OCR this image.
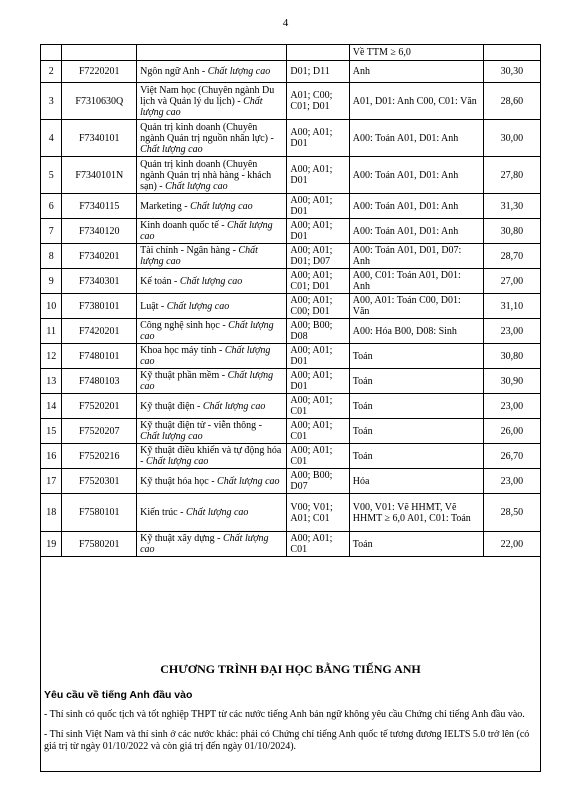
4
				Về TTM ≥ 6,0	
2	F7220201	Ngôn ngữ Anh - Chất lượng cao	D01; D11	Anh	30,30
3	F7310630Q	Việt Nam học (Chuyên ngành Du lịch và Quản lý du lịch) - Chất lượng cao	A01; C00; C01; D01	A01, D01: Anh C00, C01: Văn	28,60
4	F7340101	Quản trị kinh doanh (Chuyên ngành Quản trị nguồn nhân lực) - Chất lượng cao	A00; A01; D01	A00: Toán A01, D01: Anh	30,00
5	F7340101N	Quản trị kinh doanh (Chuyên ngành Quản trị nhà hàng - khách sạn) - Chất lượng cao	A00; A01; D01	A00: Toán A01, D01: Anh	27,80
6	F7340115	Marketing - Chất lượng cao	A00; A01; D01	A00: Toán A01, D01: Anh	31,30
7	F7340120	Kinh doanh quốc tế - Chất lượng cao	A00; A01; D01	A00: Toán A01, D01: Anh	30,80
8	F7340201	Tài chính - Ngân hàng - Chất lượng cao	A00; A01; D01; D07	A00: Toán A01, D01, D07: Anh	28,70
9	F7340301	Kế toán - Chất lượng cao	A00; A01; C01; D01	A00, C01: Toán A01, D01: Anh	27,00
10	F7380101	Luật - Chất lượng cao	A00; A01; C00; D01	A00, A01: Toán C00, D01: Văn	31,10
11	F7420201	Công nghệ sinh học - Chất lượng cao	A00; B00; D08	A00: Hóa B00, D08: Sinh	23,00
12	F7480101	Khoa học máy tính - Chất lượng cao	A00; A01; D01	Toán	30,80
13	F7480103	Kỹ thuật phần mềm - Chất lượng cao	A00; A01; D01	Toán	30,90
14	F7520201	Kỹ thuật điện - Chất lượng cao	A00; A01; C01	Toán	23,00
15	F7520207	Kỹ thuật điện tử - viễn thông - Chất lượng cao	A00; A01; C01	Toán	26,00
16	F7520216	Kỹ thuật điều khiển và tự động hóa - Chất lượng cao	A00; A01; C01	Toán	26,70
17	F7520301	Kỹ thuật hóa học - Chất lượng cao	A00; B00; D07	Hóa	23,00
18	F7580101	Kiến trúc - Chất lượng cao	V00; V01; A01; C01	V00, V01: Vẽ HHMT, Vẽ HHMT ≥ 6,0 A01, C01: Toán	28,50
19	F7580201	Kỹ thuật xây dựng - Chất lượng cao	A00; A01; C01	Toán	22,00
CHƯƠNG TRÌNH ĐẠI HỌC BẰNG TIẾNG ANH
Yêu cầu về tiếng Anh đầu vào
- Thí sinh có quốc tịch và tốt nghiệp THPT từ các nước tiếng Anh bản ngữ không yêu cầu Chứng chỉ tiếng Anh đầu vào.
- Thí sinh Việt Nam và thí sinh ở các nước khác: phải có Chứng chỉ tiếng Anh quốc tế tương đương IELTS 5.0 trở lên (có giá trị từ ngày 01/10/2022 và còn giá trị đến ngày 01/10/2024).
